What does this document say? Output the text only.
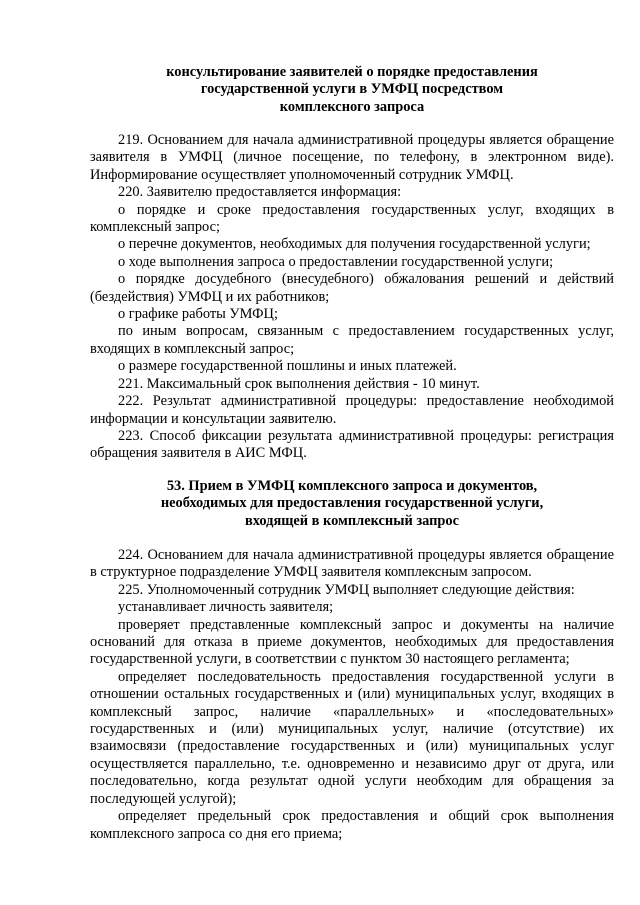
консультирование заявителей о порядке предоставления
государственной услуги в УМФЦ посредством
комплексного запроса
219. Основанием для начала административной процедуры является обращение
заявителя в УМФЦ (личное посещение, по телефону, в электронном виде).
Информирование осуществляет уполномоченный сотрудник УМФЦ.
220. Заявителю предоставляется информация:
о порядке и сроке предоставления государственных услуг, входящих в
комплексный запрос;
о перечне документов, необходимых для получения государственной услуги;
о ходе выполнения запроса о предоставлении государственной услуги;
о порядке досудебного (внесудебного) обжалования решений и действий
(бездействия) УМФЦ и их работников;
о графике работы УМФЦ;
по иным вопросам, связанным с предоставлением государственных услуг,
входящих в комплексный запрос;
о размере государственной пошлины и иных платежей.
221. Максимальный срок выполнения действия - 10 минут.
222. Результат административной процедуры: предоставление необходимой
информации и консультации заявителю.
223. Способ фиксации результата административной процедуры: регистрация
обращения заявителя в АИС МФЦ.
53. Прием в УМФЦ комплексного запроса и документов,
необходимых для предоставления государственной услуги,
входящей в комплексный запрос
224. Основанием для начала административной процедуры является обращение
в структурное подразделение УМФЦ заявителя комплексным запросом.
225. Уполномоченный сотрудник УМФЦ выполняет следующие действия:
устанавливает личность заявителя;
проверяет представленные комплексный запрос и документы на наличие
оснований для отказа в приеме документов, необходимых для предоставления
государственной услуги, в соответствии с пунктом 30 настоящего регламента;
определяет последовательность предоставления государственной услуги в
отношении остальных государственных и (или) муниципальных услуг, входящих в
комплексный запрос, наличие «параллельных» и «последовательных»
государственных и (или) муниципальных услуг, наличие (отсутствие) их
взаимосвязи (предоставление государственных и (или) муниципальных услуг
осуществляется параллельно, т.е. одновременно и независимо друг от друга, или
последовательно, когда результат одной услуги необходим для обращения за
последующей услугой);
определяет предельный срок предоставления и общий срок выполнения
комплексного запроса со дня его приема;
